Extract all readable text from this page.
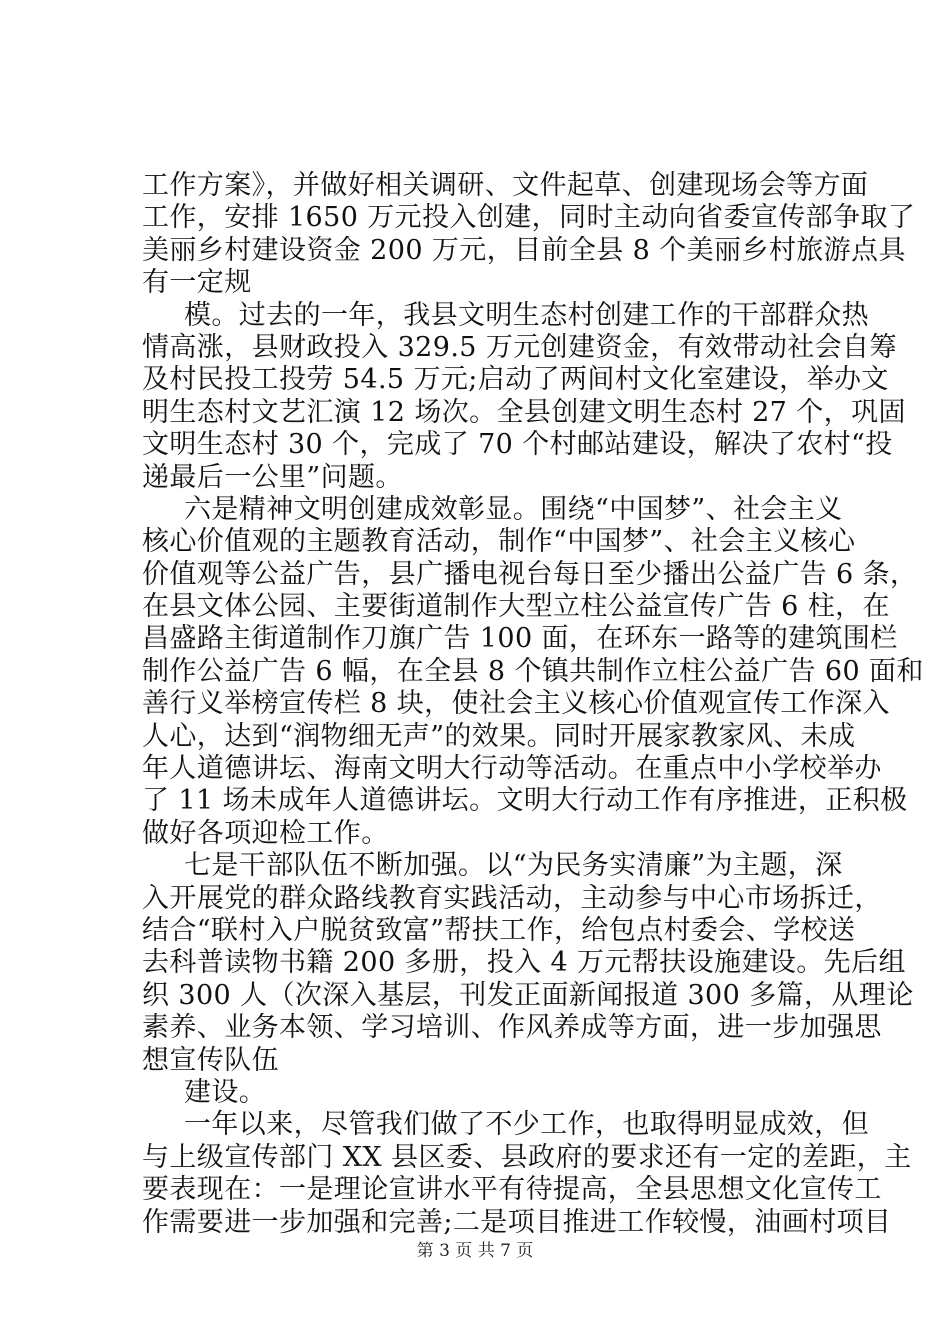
工作方案》，并做好相关调研、文件起草、创建现场会等方面
工作，安排 1650 万元投入创建，同时主动向省委宣传部争取了
美丽乡村建设资金 200 万元，目前全县 8 个美丽乡村旅游点具
有一定规
模。过去的一年，我县文明生态村创建工作的干部群众热
情高涨，县财政投入 329.5 万元创建资金，有效带动社会自筹
及村民投工投劳 54.5 万元;启动了两间村文化室建设，举办文
明生态村文艺汇演 12 场次。全县创建文明生态村 27 个，巩固
文明生态村 30 个，完成了 70 个村邮站建设，解决了农村“投
递最后一公里”问题。
六是精神文明创建成效彰显。围绕“中国梦”、社会主义
核心价值观的主题教育活动，制作“中国梦”、社会主义核心
价值观等公益广告，县广播电视台每日至少播出公益广告 6 条，
在县文体公园、主要街道制作大型立柱公益宣传广告 6 柱，在
昌盛路主街道制作刀旗广告 100 面，在环东一路等的建筑围栏
制作公益广告 6 幅，在全县 8 个镇共制作立柱公益广告 60 面和
善行义举榜宣传栏 8 块，使社会主义核心价值观宣传工作深入
人心，达到“润物细无声”的效果。同时开展家教家风、未成
年人道德讲坛、海南文明大行动等活动。在重点中小学校举办
了 11 场未成年人道德讲坛。文明大行动工作有序推进，正积极
做好各项迎检工作。
七是干部队伍不断加强。以“为民务实清廉”为主题，深
入开展党的群众路线教育实践活动，主动参与中心市场拆迁，
结合“联村入户脱贫致富”帮扶工作，给包点村委会、学校送
去科普读物书籍 200 多册，投入 4 万元帮扶设施建设。先后组
织 300 人（次深入基层，刊发正面新闻报道 300 多篇，从理论
素养、业务本领、学习培训、作风养成等方面，进一步加强思
想宣传队伍
建设。
一年以来，尽管我们做了不少工作，也取得明显成效，但
与上级宣传部门 XX 县区委、县政府的要求还有一定的差距，主
要表现在：一是理论宣讲水平有待提高，全县思想文化宣传工
作需要进一步加强和完善;二是项目推进工作较慢，油画村项目
第 3 页 共 7 页
